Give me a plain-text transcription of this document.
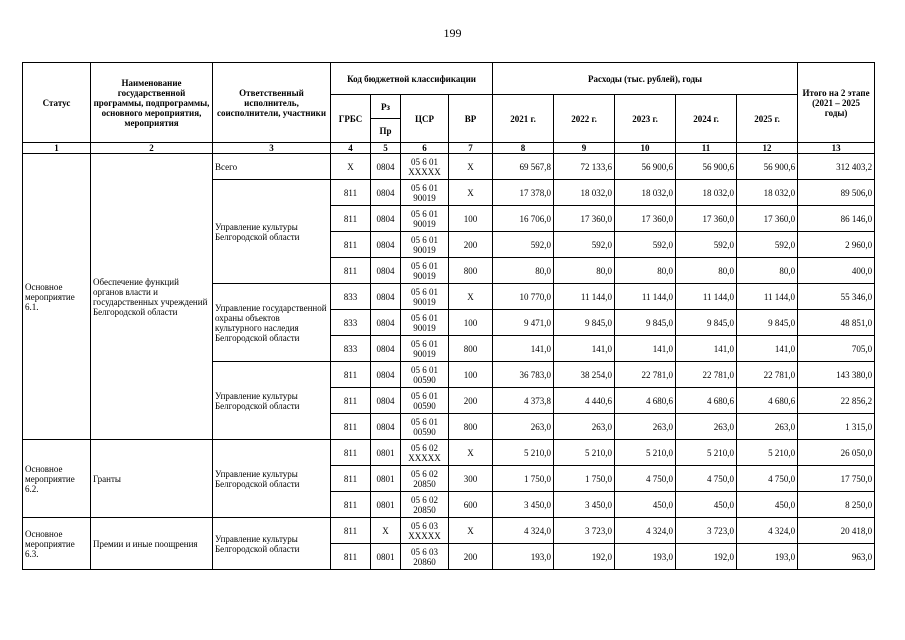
199
Статус	Наименование государственной программы, подпрограммы, основного мероприятия, мероприятия	Ответственный исполнитель, соисполнители, участники	Код бюджетной классификации				Расходы (тыс. рублей), годы					Итого на 2 этапе (2021 – 2025 годы)
			ГРБС	Рз	ЦСР	ВР	2021 г.	2022 г.	2023 г.	2024 г.	2025 г.	
				Пр								
1	2	3	4	5	6	7	8	9	10	11	12	13
Основное мероприятие 6.1.	Обеспечение функций органов власти и государственных учреждений Белгородской области	Всего	X	0804	05 6 01 XXXXX	X	69 567,8	72 133,6	56 900,6	56 900,6	56 900,6	312 403,2
		Управление культуры Белгородской области	811	0804	05 6 01 90019	X	17 378,0	18 032,0	18 032,0	18 032,0	18 032,0	89 506,0
			811	0804	05 6 01 90019	100	16 706,0	17 360,0	17 360,0	17 360,0	17 360,0	86 146,0
			811	0804	05 6 01 90019	200	592,0	592,0	592,0	592,0	592,0	2 960,0
			811	0804	05 6 01 90019	800	80,0	80,0	80,0	80,0	80,0	400,0
		Управление государственной охраны объектов культурного наследия Белгородской области	833	0804	05 6 01 90019	X	10 770,0	11 144,0	11 144,0	11 144,0	11 144,0	55 346,0
			833	0804	05 6 01 90019	100	9 471,0	9 845,0	9 845,0	9 845,0	9 845,0	48 851,0
			833	0804	05 6 01 90019	800	141,0	141,0	141,0	141,0	141,0	705,0
		Управление культуры Белгородской области	811	0804	05 6 01 00590	100	36 783,0	38 254,0	22 781,0	22 781,0	22 781,0	143 380,0
			811	0804	05 6 01 00590	200	4 373,8	4 440,6	4 680,6	4 680,6	4 680,6	22 856,2
			811	0804	05 6 01 00590	800	263,0	263,0	263,0	263,0	263,0	1 315,0
Основное мероприятие 6.2.	Гранты	Управление культуры Белгородской области	811	0801	05 6 02 XXXXX	X	5 210,0	5 210,0	5 210,0	5 210,0	5 210,0	26 050,0
			811	0801	05 6 02 20850	300	1 750,0	1 750,0	4 750,0	4 750,0	4 750,0	17 750,0
			811	0801	05 6 02 20850	600	3 450,0	3 450,0	450,0	450,0	450,0	8 250,0
Основное мероприятие 6.3.	Премии и иные поощрения	Управление культуры Белгородской области	811	X	05 6 03 XXXXX	X	4 324,0	3 723,0	4 324,0	3 723,0	4 324,0	20 418,0
			811	0801	05 6 03 20860	200	193,0	192,0	193,0	192,0	193,0	963,0
